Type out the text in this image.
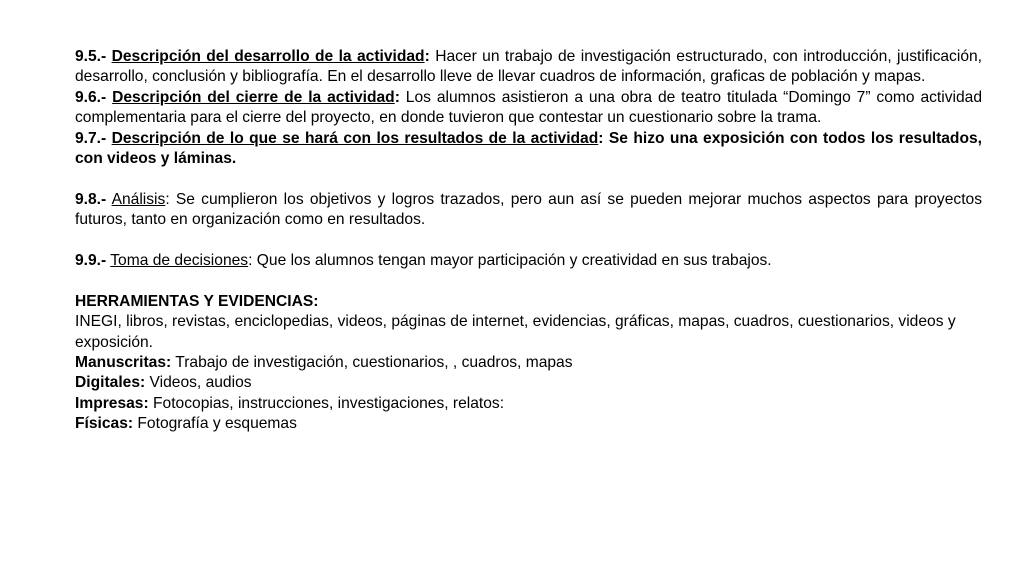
9.5.- Descripción del desarrollo de la actividad: Hacer un trabajo de investigación estructurado, con introducción, justificación, desarrollo, conclusión y bibliografía. En el desarrollo lleve de llevar cuadros de información, graficas de población y mapas.

9.6.- Descripción del cierre de la actividad: Los alumnos asistieron a una obra de teatro titulada “Domingo 7” como actividad complementaria para el cierre del proyecto, en donde tuvieron que contestar un cuestionario sobre la trama.

9.7.- Descripción de lo que se hará con los resultados de la actividad: Se hizo una exposición con todos los resultados, con videos y láminas.

9.8.- Análisis: Se cumplieron los objetivos y logros trazados, pero aun así se pueden mejorar muchos aspectos para proyectos futuros, tanto en organización como en resultados.

9.9.- Toma de decisiones: Que los alumnos tengan mayor participación y creatividad en sus trabajos.

HERRAMIENTAS Y EVIDENCIAS:

INEGI, libros, revistas, enciclopedias, videos, páginas de internet, evidencias, gráficas, mapas, cuadros, cuestionarios, videos y exposición.

Manuscritas: Trabajo de investigación, cuestionarios, , cuadros, mapas

Digitales: Videos, audios

Impresas: Fotocopias, instrucciones, investigaciones, relatos:

Físicas: Fotografía y esquemas
